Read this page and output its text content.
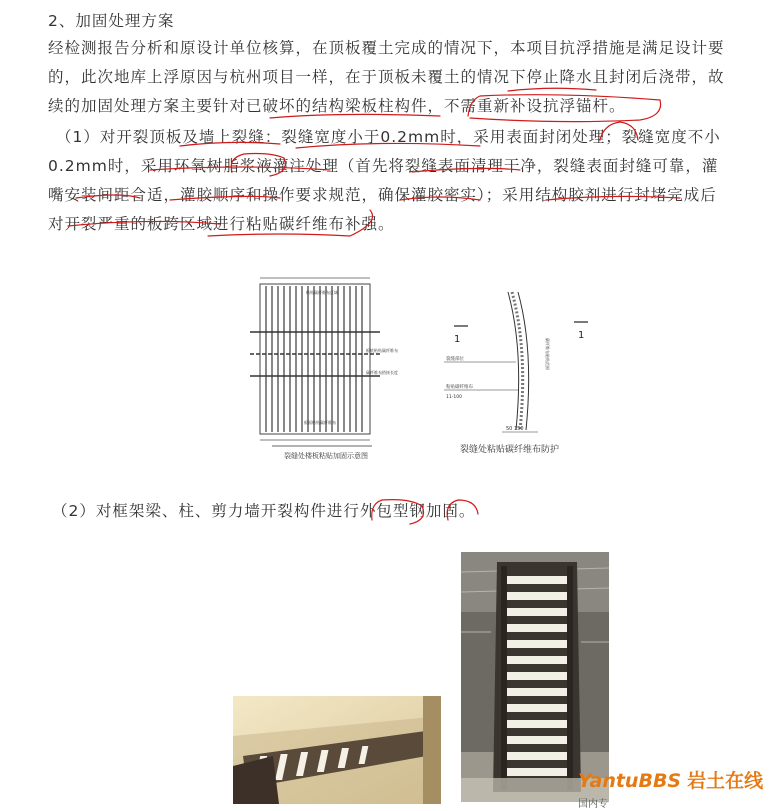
2、加固处理方案
经检测报告分析和原设计单位核算，在顶板覆土完成的情况下，本项目抗浮措施是满足设计要
的，此次地库上浮原因与杭州项目一样，在于顶板未覆土的情况下停止降水且封闭后浇带，故
续的加固处理方案主要针对已破坏的结构梁板柱构件，不需重新补设抗浮锚杆。
（1）对开裂顶板及墙上裂缝：裂缝宽度小于0.2mm时，采用表面封闭处理；裂缝宽度不小
0.2mm时，采用环氧树脂浆液灌注处理（首先将裂缝表面清理干净，裂缝表面封缝可靠，灌
嘴安装间距合适，灌胶顺序和操作要求规范，确保灌胶密实）；采用结构胶剂进行封堵完成后
对开裂严重的板跨区域进行粘贴碳纤维布补强。
粘贴碳纤维布区域
板底粘贴碳纤维布
碳纤维布搭接长度
板面粘贴碳纤维布
裂缝处楼板粘贴加固示意图
1	1
碳纤维布粘贴范围
裂缝部位
粘贴碳纤维布
11-100
50 150
裂缝处粘贴碳纤维布防护
（2）对框架梁、柱、剪力墙开裂构件进行外包型钢加固。
YantuBBS 岩土在线
国内专
